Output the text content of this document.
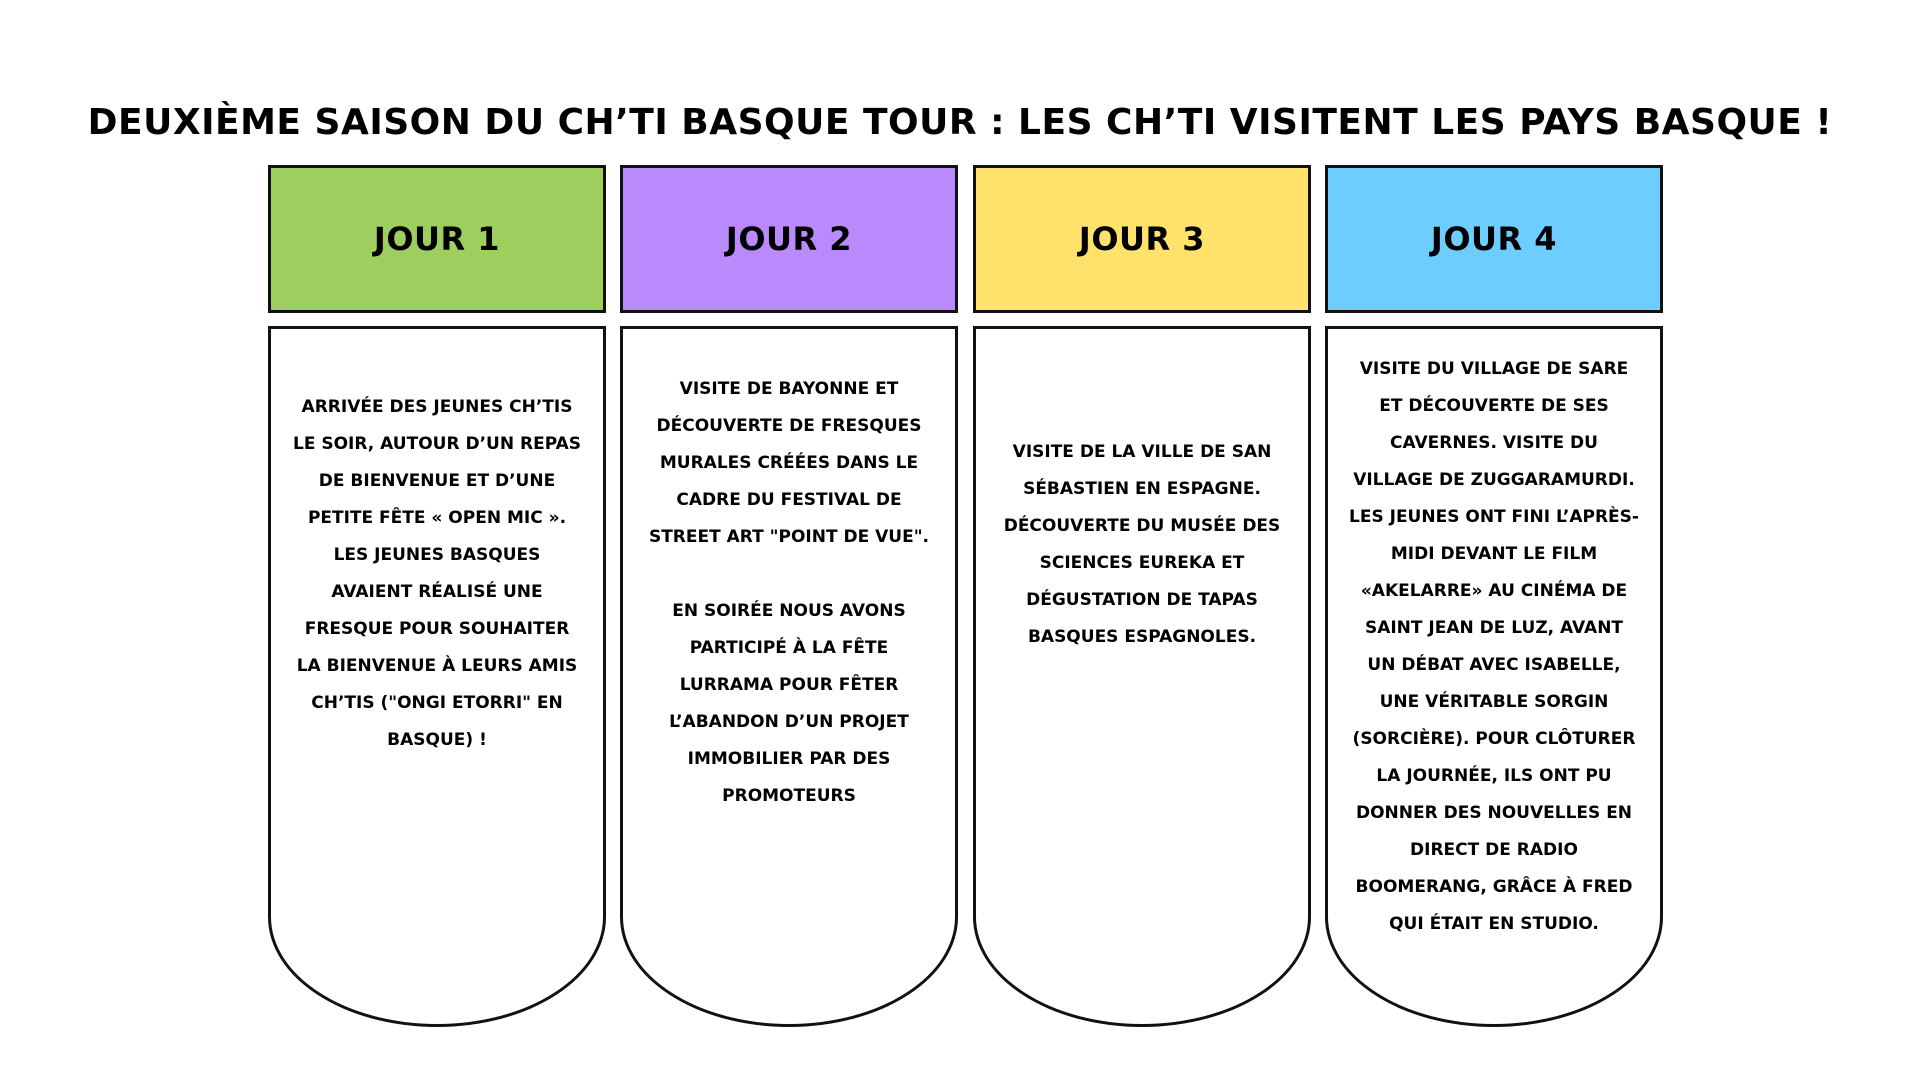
DEUXIÈME SAISON DU CH’TI BASQUE TOUR : LES CH’TI VISITENT LES PAYS BASQUE !
JOUR 1
ARRIVÉE DES JEUNES CH’TIS LE SOIR, AUTOUR D’UN REPAS DE BIENVENUE ET D’UNE PETITE FÊTE « OPEN MIC ». LES JEUNES BASQUES AVAIENT RÉALISÉ UNE FRESQUE POUR SOUHAITER LA BIENVENUE À LEURS AMIS CH’TIS ("ONGI ETORRI" EN BASQUE) !
JOUR 2
VISITE DE BAYONNE ET DÉCOUVERTE DE FRESQUES MURALES CRÉÉES DANS LE CADRE DU FESTIVAL DE STREET ART "POINT DE VUE".

EN SOIRÉE NOUS AVONS PARTICIPÉ À LA FÊTE LURRAMA POUR FÊTER L’ABANDON D’UN PROJET IMMOBILIER PAR DES PROMOTEURS
JOUR 3
VISITE DE LA VILLE DE SAN SÉBASTIEN EN ESPAGNE. DÉCOUVERTE DU MUSÉE DES SCIENCES EUREKA ET DÉGUSTATION DE TAPAS BASQUES ESPAGNOLES.
JOUR 4
VISITE DU VILLAGE DE SARE ET DÉCOUVERTE DE SES CAVERNES. VISITE DU VILLAGE DE ZUGGARAMURDI. LES JEUNES ONT FINI L’APRÈS-MIDI DEVANT LE FILM «AKELARRE» AU CINÉMA DE SAINT JEAN DE LUZ, AVANT UN DÉBAT AVEC ISABELLE, UNE VÉRITABLE SORGIN (SORCIÈRE). POUR CLÔTURER LA JOURNÉE, ILS ONT PU DONNER DES NOUVELLES EN DIRECT DE RADIO BOOMERANG, GRÂCE À FRED QUI ÉTAIT EN STUDIO.
